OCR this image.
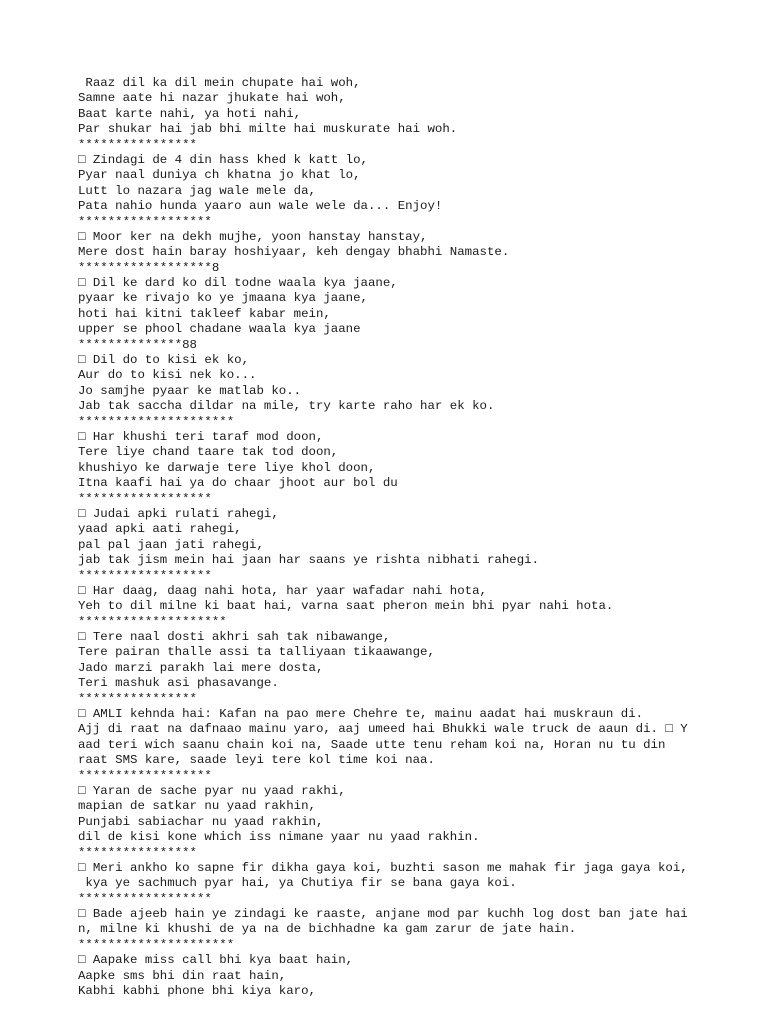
Raaz dil ka dil mein chupate hai woh,
Samne aate hi nazar jhukate hai woh,
Baat karte nahi, ya hoti nahi,
Par shukar hai jab bhi milte hai muskurate hai woh.
****************
□ Zindagi de 4 din hass khed k katt lo,
Pyar naal duniya ch khatna jo khat lo,
Lutt lo nazara jag wale mele da,
Pata nahio hunda yaaro aun wale wele da... Enjoy!
******************
□ Moor ker na dekh mujhe, yoon hanstay hanstay,
Mere dost hain baray hoshiyaar, keh dengay bhabhi Namaste.
******************8
□ Dil ke dard ko dil todne waala kya jaane,
pyaar ke rivajo ko ye jmaana kya jaane,
hoti hai kitni takleef kabar mein,
upper se phool chadane waala kya jaane
**************88
□ Dil do to kisi ek ko,
Aur do to kisi nek ko...
Jo samjhe pyaar ke matlab ko..
Jab tak saccha dildar na mile, try karte raho har ek ko.
*********************
□ Har khushi teri taraf mod doon,
Tere liye chand taare tak tod doon,
khushiyo ke darwaje tere liye khol doon,
Itna kaafi hai ya do chaar jhoot aur bol du
******************
□ Judai apki rulati rahegi,
yaad apki aati rahegi,
pal pal jaan jati rahegi,
jab tak jism mein hai jaan har saans ye rishta nibhati rahegi.
******************
□ Har daag, daag nahi hota, har yaar wafadar nahi hota,
Yeh to dil milne ki baat hai, varna saat pheron mein bhi pyar nahi hota.
********************
□ Tere naal dosti akhri sah tak nibawange,
Tere pairan thalle assi ta talliyaan tikaawange,
Jado marzi parakh lai mere dosta,
Teri mashuk asi phasavange.
****************
□ AMLI kehnda hai: Kafan na pao mere Chehre te, mainu aadat hai muskraun di.
Ajj di raat na dafnaao mainu yaro, aaj umeed hai Bhukki wale truck de aaun di. □ Y
aad teri wich saanu chain koi na, Saade utte tenu reham koi na, Horan nu tu din
raat SMS kare, saade leyi tere kol time koi naa.
******************
□ Yaran de sache pyar nu yaad rakhi,
mapian de satkar nu yaad rakhin,
Punjabi sabiachar nu yaad rakhin,
dil de kisi kone which iss nimane yaar nu yaad rakhin.
****************
□ Meri ankho ko sapne fir dikha gaya koi, buzhti sason me mahak fir jaga gaya koi,
kya ye sachmuch pyar hai, ya Chutiya fir se bana gaya koi.
******************
□ Bade ajeeb hain ye zindagi ke raaste, anjane mod par kuchh log dost ban jate hai
n, milne ki khushi de ya na de bichhadne ka gam zarur de jate hain.
*********************
□ Aapake miss call bhi kya baat hain,
Aapke sms bhi din raat hain,
Kabhi kabhi phone bhi kiya karo,
